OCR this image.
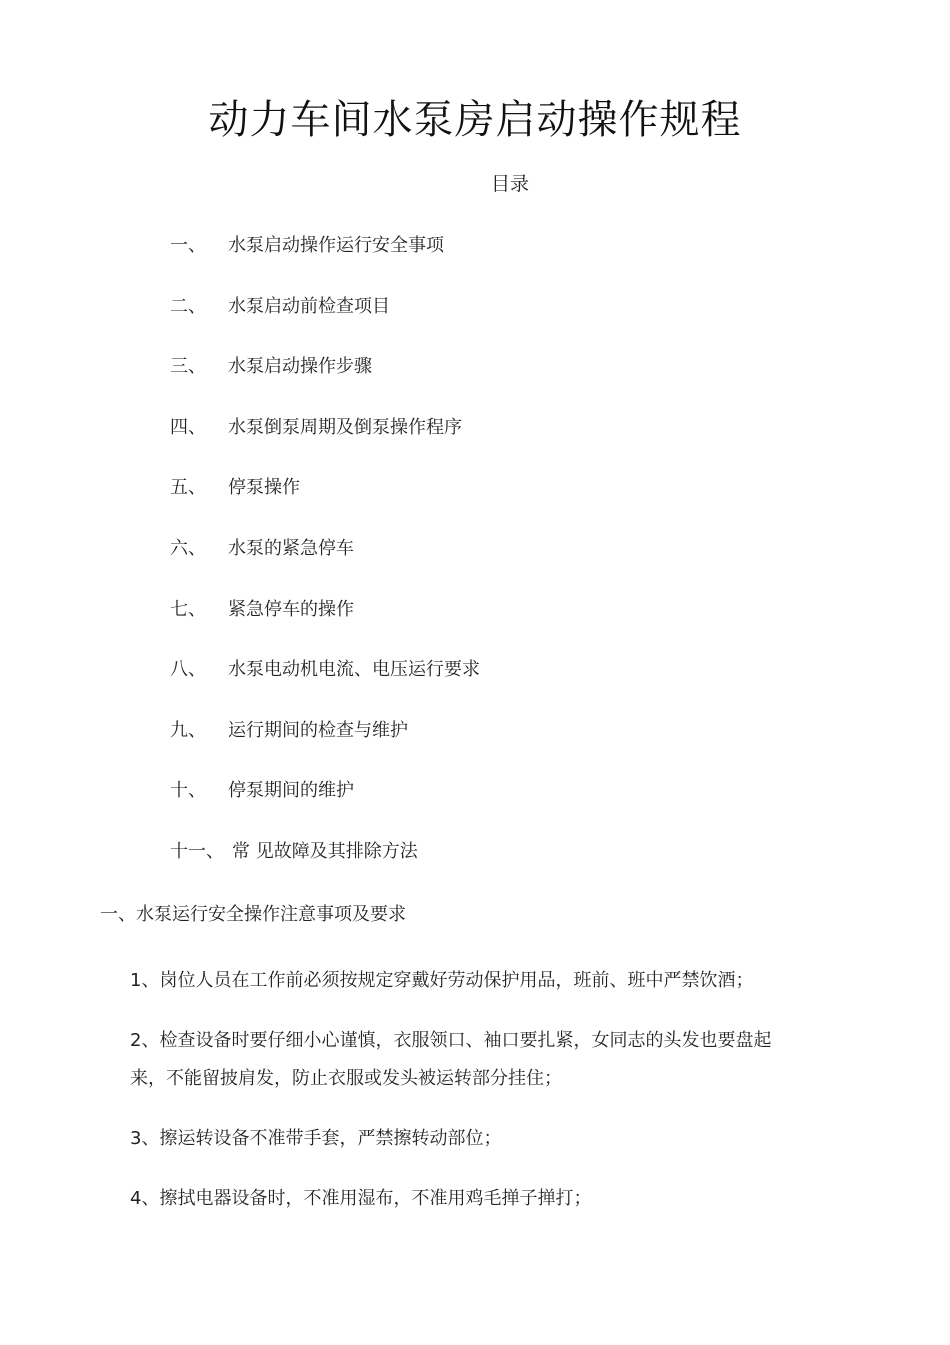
动力车间水泵房启动操作规程
目录
一、 水泵启动操作运行安全事项
二、 水泵启动前检查项目
三、 水泵启动操作步骤
四、 水泵倒泵周期及倒泵操作程序
五、 停泵操作
六、 水泵的紧急停车
七、 紧急停车的操作
八、 水泵电动机电流、电压运行要求
九、 运行期间的检查与维护
十、 停泵期间的维护
十一、 常 见故障及其排除方法
一、水泵运行安全操作注意事项及要求

1、岗位人员在工作前必须按规定穿戴好劳动保护用品，班前、班中严禁饮酒；

2、检查设备时要仔细小心谨慎，衣服领口、袖口要扎紧，女同志的头发也要盘起来，不能留披肩发，防止衣服或发头被运转部分挂住；

3、擦运转设备不准带手套，严禁擦转动部位；

4、擦拭电器设备时，不准用湿布，不准用鸡毛掸子掸打；
